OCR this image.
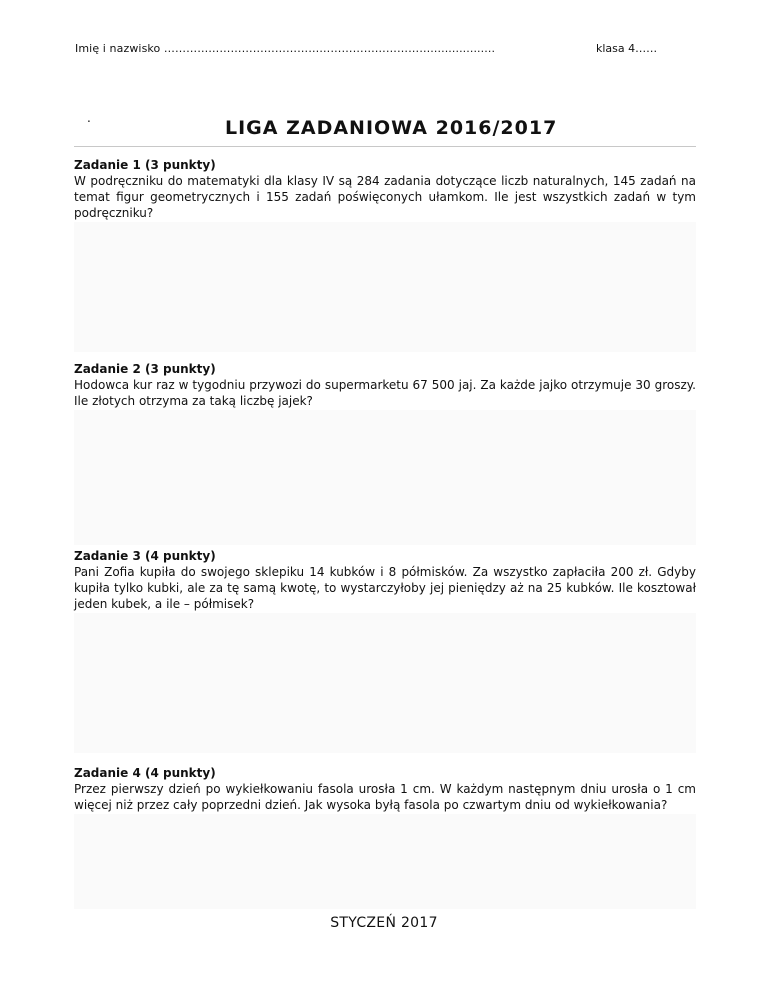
Imię i nazwisko ………………………………………………………………..................	klasa 4……
.	LIGA ZADANIOWA 2016/2017
Zadanie 1 (3 punkty)
W podręczniku do matematyki dla klasy IV są 284 zadania dotyczące liczb naturalnych, 145 zadań na temat figur geometrycznych i 155 zadań poświęconych ułamkom. Ile jest wszystkich zadań w tym podręczniku?
Zadanie 2 (3 punkty)
Hodowca kur raz w tygodniu przywozi do supermarketu 67 500 jaj. Za każde jajko otrzymuje 30 groszy. Ile złotych otrzyma za taką liczbę jajek?
Zadanie 3 (4 punkty)
Pani Zofia kupiła do swojego sklepiku 14 kubków i 8 półmisków. Za wszystko zapłaciła 200 zł. Gdyby kupiła tylko kubki, ale za tę samą kwotę, to wystarczyłoby jej pieniędzy aż na 25 kubków. Ile kosztował jeden kubek, a ile – półmisek?
Zadanie 4 (4 punkty)
Przez pierwszy dzień po wykiełkowaniu fasola urosła 1 cm. W każdym następnym dniu urosła o 1 cm więcej niż przez cały poprzedni dzień. Jak wysoka byłą fasola po czwartym dniu od wykiełkowania?
STYCZEŃ 2017
